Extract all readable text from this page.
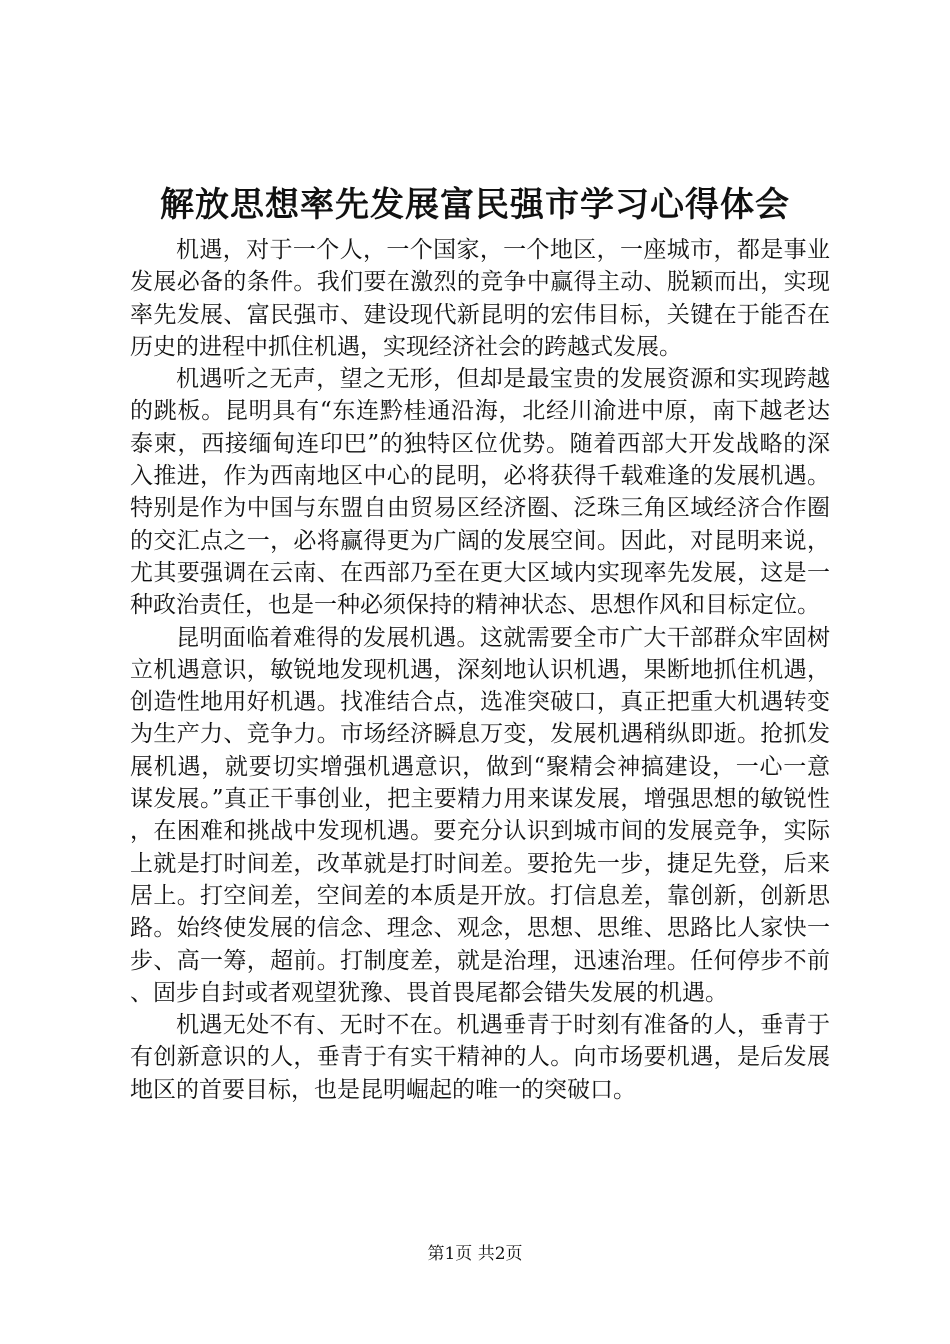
解放思想率先发展富民强市学习心得体会

机遇，对于一个人，一个国家，一个地区，一座城市，都是事业发展必备的条件。我们要在激烈的竞争中赢得主动、脱颖而出，实现率先发展、富民强市、建设现代新昆明的宏伟目标，关键在于能否在历史的进程中抓住机遇，实现经济社会的跨越式发展。

机遇听之无声，望之无形，但却是最宝贵的发展资源和实现跨越的跳板。昆明具有“东连黔桂通沿海，北经川渝进中原，南下越老达泰柬，西接缅甸连印巴”的独特区位优势。随着西部大开发战略的深入推进，作为西南地区中心的昆明，必将获得千载难逢的发展机遇。特别是作为中国与东盟自由贸易区经济圈、泛珠三角区域经济合作圈的交汇点之一，必将赢得更为广阔的发展空间。因此，对昆明来说，尤其要强调在云南、在西部乃至在更大区域内实现率先发展，这是一种政治责任，也是一种必须保持的精神状态、思想作风和目标定位。

昆明面临着难得的发展机遇。这就需要全市广大干部群众牢固树立机遇意识，敏锐地发现机遇，深刻地认识机遇，果断地抓住机遇，创造性地用好机遇。找准结合点，选准突破口，真正把重大机遇转变为生产力、竞争力。市场经济瞬息万变，发展机遇稍纵即逝。抢抓发展机遇，就要切实增强机遇意识，做到“聚精会神搞建设，一心一意谋发展。”真正干事创业，把主要精力用来谋发展，增强思想的敏锐性，在困难和挑战中发现机遇。要充分认识到城市间的发展竞争，实际上就是打时间差，改革就是打时间差。要抢先一步，捷足先登，后来居上。打空间差，空间差的本质是开放。打信息差，靠创新，创新思路。始终使发展的信念、理念、观念，思想、思维、思路比人家快一步、高一筹，超前。打制度差，就是治理，迅速治理。任何停步不前、固步自封或者观望犹豫、畏首畏尾都会错失发展的机遇。

机遇无处不有、无时不在。机遇垂青于时刻有准备的人，垂青于有创新意识的人，垂青于有实干精神的人。向市场要机遇，是后发展地区的首要目标，也是昆明崛起的唯一的突破口。

第1页 共2页
